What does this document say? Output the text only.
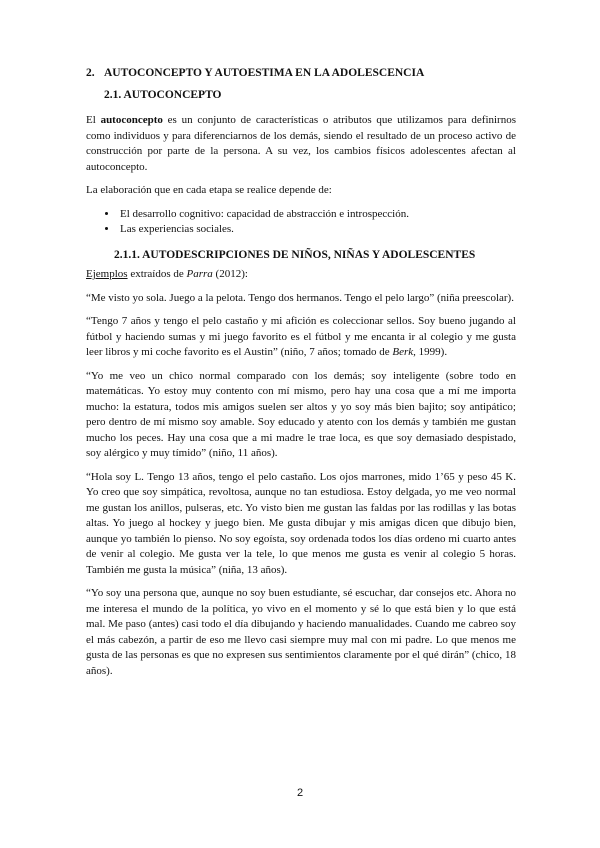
2. AUTOCONCEPTO Y AUTOESTIMA EN LA ADOLESCENCIA
2.1. AUTOCONCEPTO

El autoconcepto es un conjunto de características o atributos que utilizamos para definirnos como individuos y para diferenciarnos de los demás, siendo el resultado de un proceso activo de construcción por parte de la persona. A su vez, los cambios físicos adolescentes afectan al autoconcepto.

La elaboración que en cada etapa se realice depende de:

• El desarrollo cognitivo: capacidad de abstracción e introspección.
• Las experiencias sociales.
2.1.1. AUTODESCRIPCIONES DE NIÑOS, NIÑAS Y ADOLESCENTES

Ejemplos extraídos de Parra (2012):

“Me visto yo sola. Juego a la pelota. Tengo dos hermanos. Tengo el pelo largo” (niña preescolar).

“Tengo 7 años y tengo el pelo castaño y mi afición es coleccionar sellos. Soy bueno jugando al fútbol y haciendo sumas y mi juego favorito es el fútbol y me encanta ir al colegio y me gusta leer libros y mi coche favorito es el Austin” (niño, 7 años; tomado de Berk, 1999).

“Yo me veo un chico normal comparado con los demás; soy inteligente (sobre todo en matemáticas. Yo estoy muy contento con mí mismo, pero hay una cosa que a mí me importa mucho: la estatura, todos mis amigos suelen ser altos y yo soy más bien bajito; soy antipático; pero dentro de mí mismo soy amable. Soy educado y atento con los demás y también me gustan mucho los peces. Hay una cosa que a mi madre le trae loca, es que soy demasiado despistado, soy alérgico y muy tímido” (niño, 11 años).

“Hola soy L. Tengo 13 años, tengo el pelo castaño. Los ojos marrones, mido 1’65 y peso 45 K. Yo creo que soy simpática, revoltosa, aunque no tan estudiosa. Estoy delgada, yo me veo normal me gustan los anillos, pulseras, etc. Yo visto bien me gustan las faldas por las rodillas y las botas altas. Yo juego al hockey y juego bien. Me gusta dibujar y mis amigas dicen que dibujo bien, aunque yo también lo pienso. No soy egoísta, soy ordenada todos los días ordeno mi cuarto antes de venir al colegio. Me gusta ver la tele, lo que menos me gusta es venir al colegio 5 horas. También me gusta la música” (niña, 13 años).

“Yo soy una persona que, aunque no soy buen estudiante, sé escuchar, dar consejos etc. Ahora no me interesa el mundo de la política, yo vivo en el momento y sé lo que está bien y lo que está mal. Me paso (antes) casi todo el día dibujando y haciendo manualidades. Cuando me cabreo soy el más cabezón, a partir de eso me llevo casi siempre muy mal con mi padre. Lo que menos me gusta de las personas es que no expresen sus sentimientos claramente por el qué dirán” (chico, 18 años).

2
